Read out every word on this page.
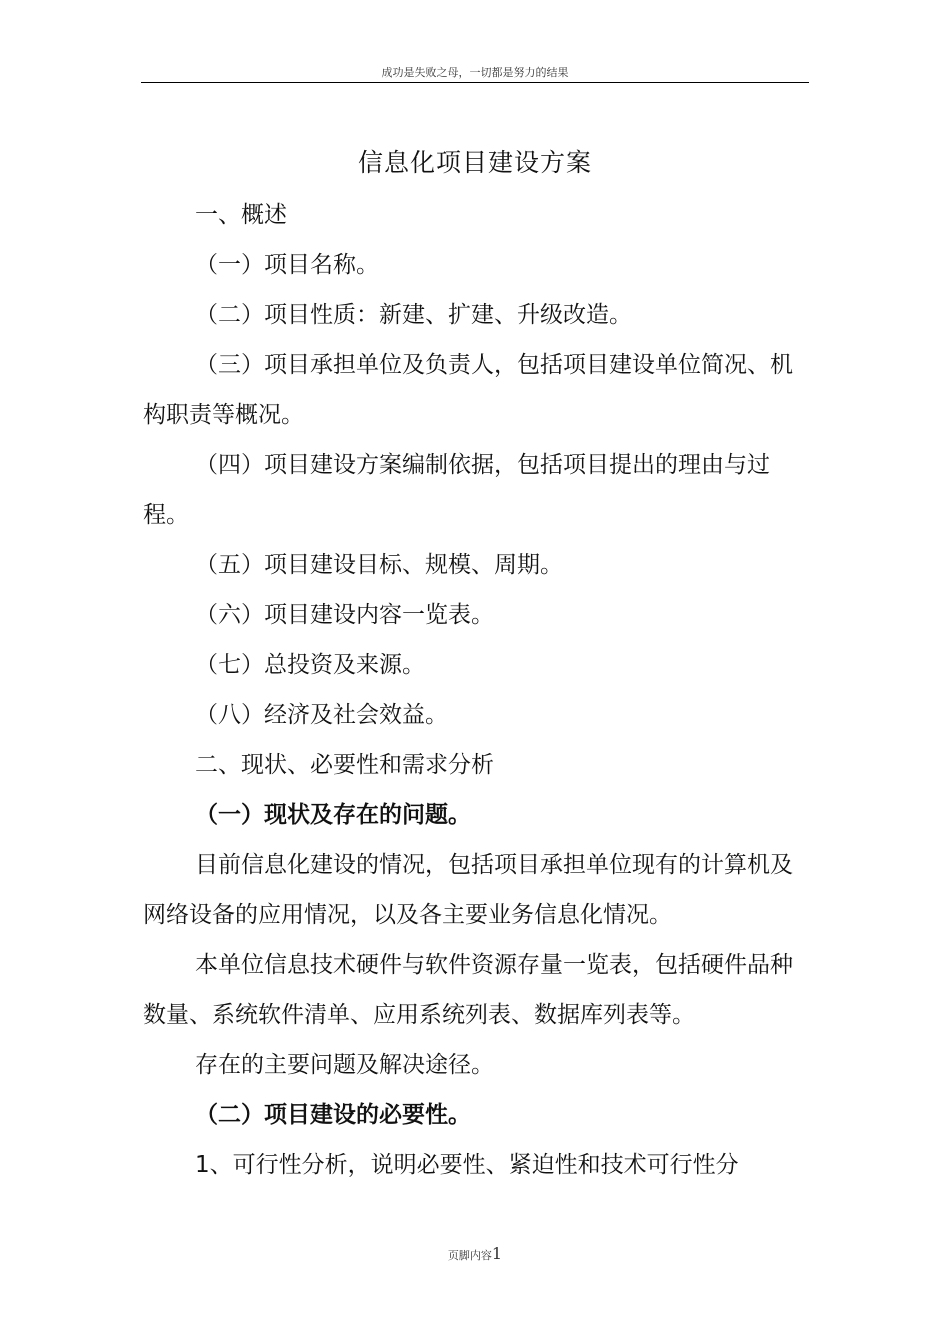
成功是失败之母，一切都是努力的结果
信息化项目建设方案

一、概述

（一）项目名称。

（二）项目性质：新建、扩建、升级改造。

（三）项目承担单位及负责人，包括项目建设单位简况、机构职责等概况。

（四）项目建设方案编制依据，包括项目提出的理由与过程。

（五）项目建设目标、规模、周期。

（六）项目建设内容一览表。

（七）总投资及来源。

（八）经济及社会效益。

二、现状、必要性和需求分析

（一）现状及存在的问题。

目前信息化建设的情况，包括项目承担单位现有的计算机及网络设备的应用情况，以及各主要业务信息化情况。

本单位信息技术硬件与软件资源存量一览表，包括硬件品种数量、系统软件清单、应用系统列表、数据库列表等。

存在的主要问题及解决途径。

（二）项目建设的必要性。

1、可行性分析，说明必要性、紧迫性和技术可行性分

页脚内容1
